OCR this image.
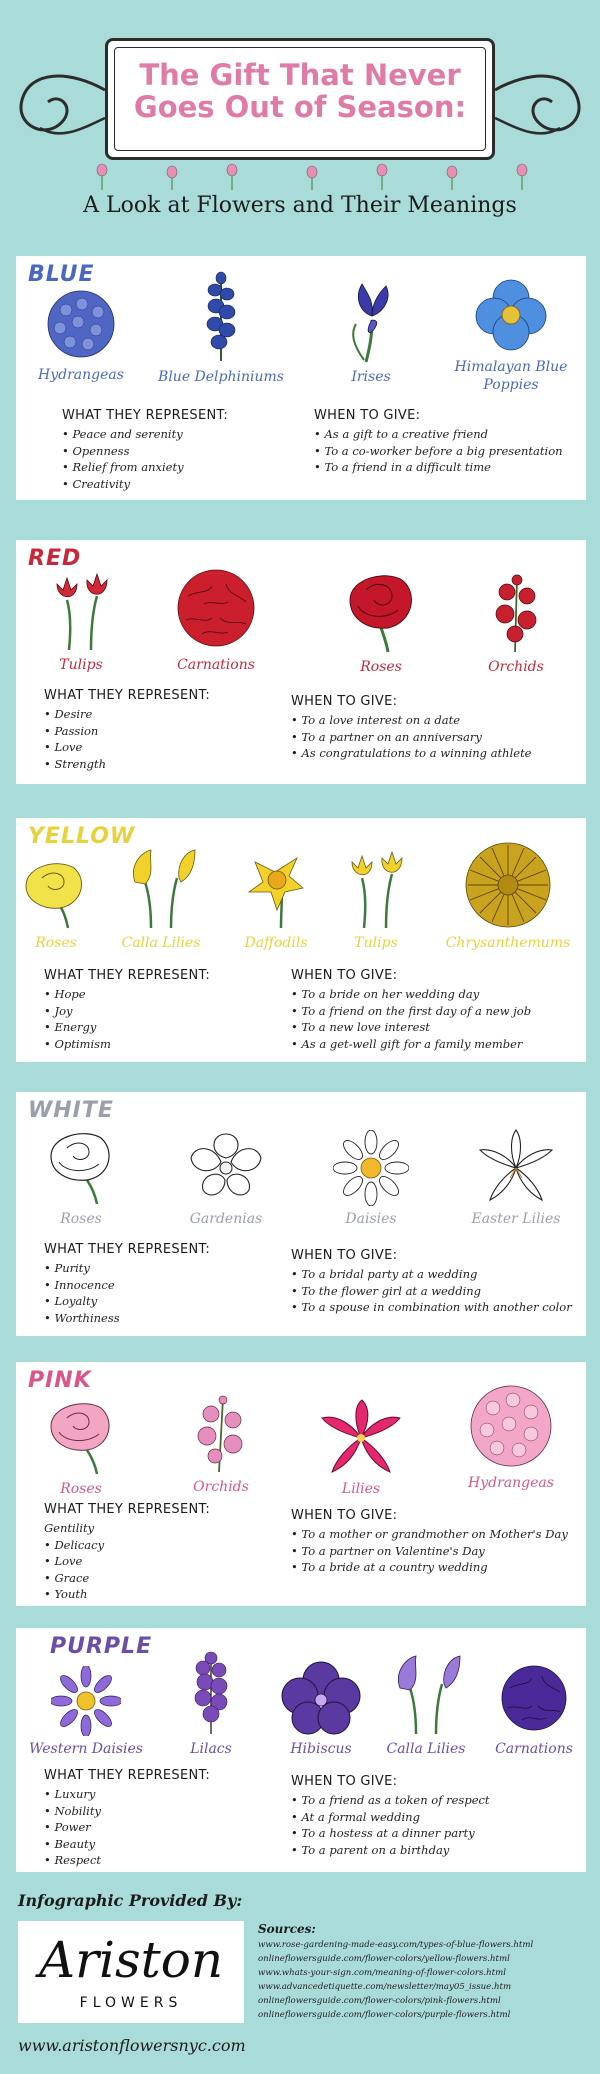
The Gift That Never
Goes Out of Season:
A Look at Flowers and Their Meanings
BLUE
Hydrangeas	Blue Delphiniums	Irises
Himalayan Blue Poppies
WHAT THEY REPRESENT:
• Peace and serenity
• Openness
• Relief from anxiety
• Creativity
WHEN TO GIVE:
• As a gift to a creative friend
• To a co-worker before a big presentation
• To a friend in a difficult time
RED
Tulips	Carnations	Roses	Orchids
WHAT THEY REPRESENT:
• Desire
• Passion
• Love
• Strength
WHEN TO GIVE:
• To a love interest on a date
• To a partner on an anniversary
• As congratulations to a winning athlete
YELLOW
Roses	Calla Lilies	Daffodils	Tulips	Chrysanthemums
WHAT THEY REPRESENT:
• Hope
• Joy
• Energy
• Optimism
WHEN TO GIVE:
• To a bride on her wedding day
• To a friend on the first day of a new job
• To a new love interest
• As a get-well gift for a family member
WHITE
Roses	Gardenias	Daisies	Easter Lilies
WHAT THEY REPRESENT:
• Purity
• Innocence
• Loyalty
• Worthiness
WHEN TO GIVE:
• To a bridal party at a wedding
• To the flower girl at a wedding
• To a spouse in combination with another color
PINK
Roses	Orchids	Lilies	Hydrangeas
WHAT THEY REPRESENT:
Gentility
• Delicacy
• Love
• Grace
• Youth
WHEN TO GIVE:
• To a mother or grandmother on Mother's Day
• To a partner on Valentine's Day
• To a bride at a country wedding
PURPLE
Western Daisies	Lilacs	Hibiscus	Calla Lilies	Carnations
WHAT THEY REPRESENT:
• Luxury
• Nobility
• Power
• Beauty
• Respect
WHEN TO GIVE:
• To a friend as a token of respect
• At a formal wedding
• To a hostess at a dinner party
• To a parent on a birthday
Infographic Provided By:
Ariston
FLOWERS
Sources:
www.rose-gardening-made-easy.com/types-of-blue-flowers.html
onlineflowersguide.com/flower-colors/yellow-flowers.html
www.whats-your-sign.com/meaning-of-flower-colors.html
www.advancedetiquette.com/newsletter/may05_issue.htm
onlineflowersguide.com/flower-colors/pink-flowers.html
onlineflowersguide.com/flower-colors/purple-flowers.html
www.aristonflowersnyc.com
